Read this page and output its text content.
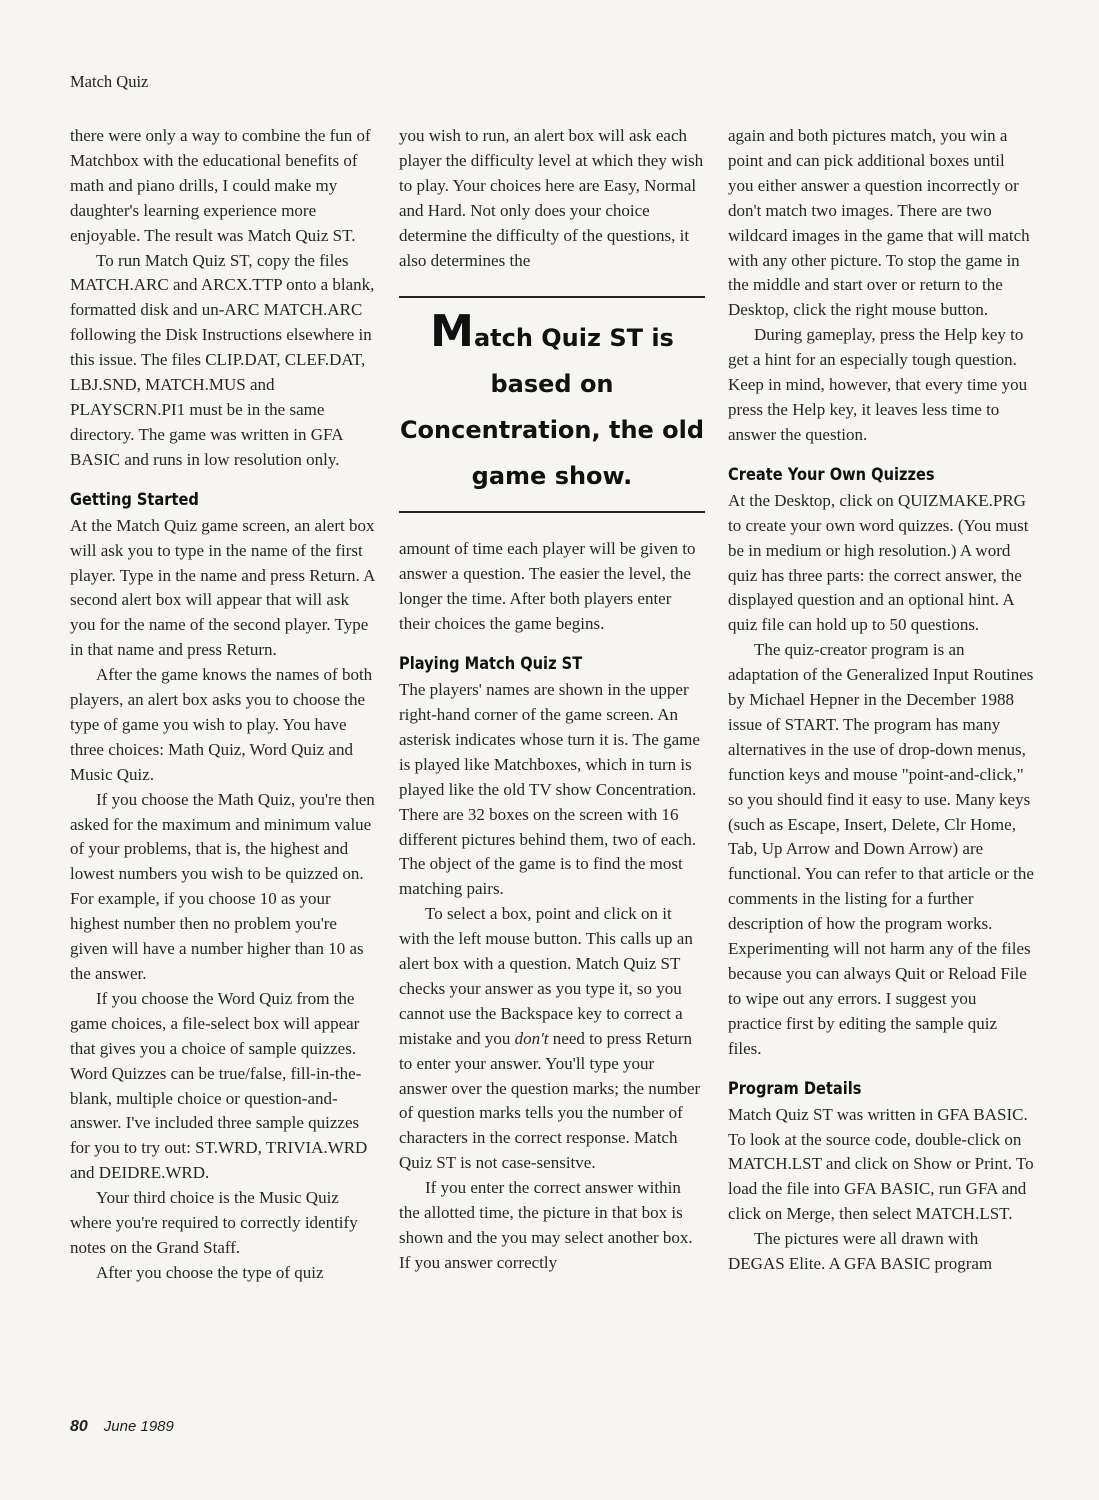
Match Quiz

there were only a way to combine the fun of Matchbox with the educational benefits of math and piano drills, I could make my daughter's learning experience more enjoyable. The result was Match Quiz ST.

To run Match Quiz ST, copy the files MATCH.ARC and ARCX.TTP onto a blank, formatted disk and un-ARC MATCH.ARC following the Disk Instructions elsewhere in this issue. The files CLIP.DAT, CLEF.DAT, LBJ.SND, MATCH.MUS and PLAYSCRN.PI1 must be in the same directory. The game was written in GFA BASIC and runs in low resolution only.

Getting Started

At the Match Quiz game screen, an alert box will ask you to type in the name of the first player. Type in the name and press Return. A second alert box will appear that will ask you for the name of the second player. Type in that name and press Return.

After the game knows the names of both players, an alert box asks you to choose the type of game you wish to play. You have three choices: Math Quiz, Word Quiz and Music Quiz.

If you choose the Math Quiz, you're then asked for the maximum and minimum value of your problems, that is, the highest and lowest numbers you wish to be quizzed on. For example, if you choose 10 as your highest number then no problem you're given will have a number higher than 10 as the answer.

If you choose the Word Quiz from the game choices, a file-select box will appear that gives you a choice of sample quizzes. Word Quizzes can be true/false, fill-in-the-blank, multiple choice or question-and-answer. I've included three sample quizzes for you to try out: ST.WRD, TRIVIA.WRD and DEIDRE.WRD.

Your third choice is the Music Quiz where you're required to correctly identify notes on the Grand Staff.

After you choose the type of quiz

you wish to run, an alert box will ask each player the difficulty level at which they wish to play. Your choices here are Easy, Normal and Hard. Not only does your choice determine the difficulty of the questions, it also determines the

Match Quiz ST is based on Concentration, the old game show.

amount of time each player will be given to answer a question. The easier the level, the longer the time. After both players enter their choices the game begins.

Playing Match Quiz ST

The players' names are shown in the upper right-hand corner of the game screen. An asterisk indicates whose turn it is. The game is played like Matchboxes, which in turn is played like the old TV show Concentration. There are 32 boxes on the screen with 16 different pictures behind them, two of each. The object of the game is to find the most matching pairs.

To select a box, point and click on it with the left mouse button. This calls up an alert box with a question. Match Quiz ST checks your answer as you type it, so you cannot use the Backspace key to correct a mistake and you don't need to press Return to enter your answer. You'll type your answer over the question marks; the number of question marks tells you the number of characters in the correct response. Match Quiz ST is not case-sensitve.

If you enter the correct answer within the allotted time, the picture in that box is shown and the you may select another box. If you answer correctly

again and both pictures match, you win a point and can pick additional boxes until you either answer a question incorrectly or don't match two images. There are two wildcard images in the game that will match with any other picture. To stop the game in the middle and start over or return to the Desktop, click the right mouse button.

During gameplay, press the Help key to get a hint for an especially tough question. Keep in mind, however, that every time you press the Help key, it leaves less time to answer the question.

Create Your Own Quizzes

At the Desktop, click on QUIZMAKE.PRG to create your own word quizzes. (You must be in medium or high resolution.) A word quiz has three parts: the correct answer, the displayed question and an optional hint. A quiz file can hold up to 50 questions.

The quiz-creator program is an adaptation of the Generalized Input Routines by Michael Hepner in the December 1988 issue of START. The program has many alternatives in the use of drop-down menus, function keys and mouse "point-and-click," so you should find it easy to use. Many keys (such as Escape, Insert, Delete, Clr Home, Tab, Up Arrow and Down Arrow) are functional. You can refer to that article or the comments in the listing for a further description of how the program works. Experimenting will not harm any of the files because you can always Quit or Reload File to wipe out any errors. I suggest you practice first by editing the sample quiz files.

Program Details

Match Quiz ST was written in GFA BASIC. To look at the source code, double-click on MATCH.LST and click on Show or Print. To load the file into GFA BASIC, run GFA and click on Merge, then select MATCH.LST.

The pictures were all drawn with DEGAS Elite. A GFA BASIC program

80 June 1989
